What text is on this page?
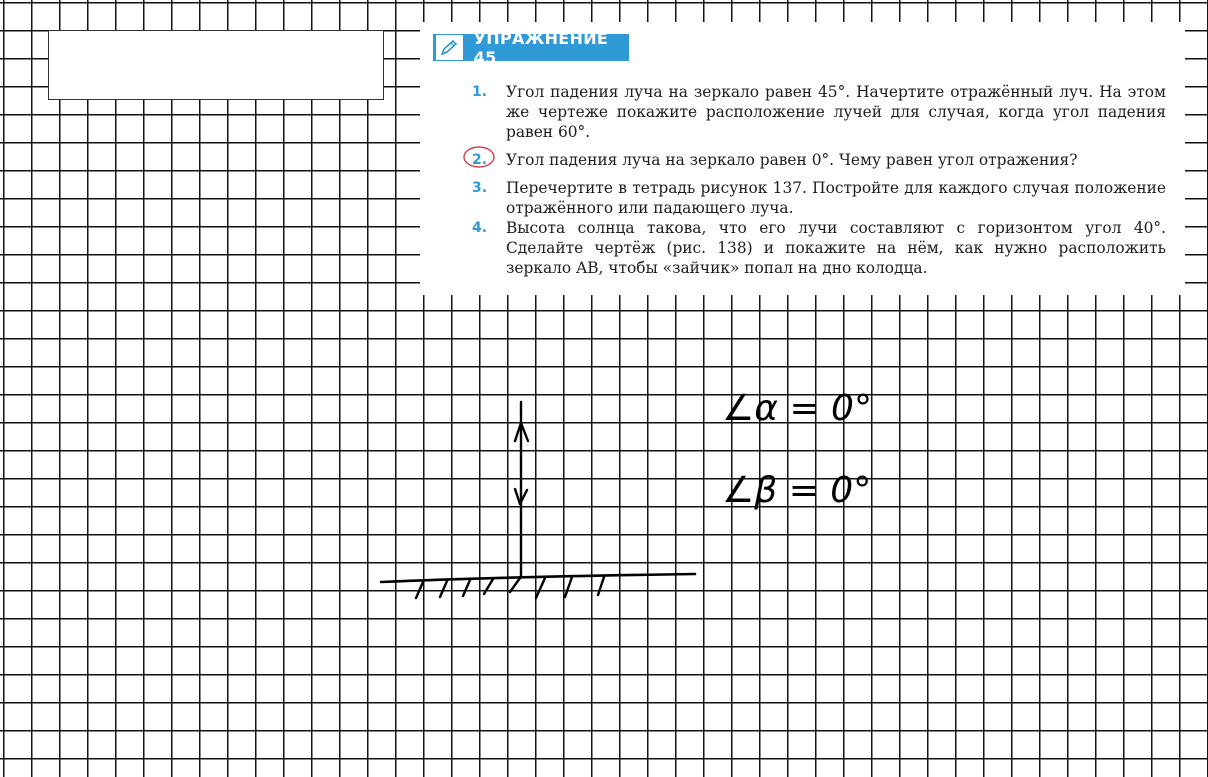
УПРАЖНЕНИЕ 45
1. Угол падения луча на зеркало равен 45°. Начертите отражённый луч. На этом же чертеже покажите расположение лучей для случая, когда угол падения равен 60°.
2. Угол падения луча на зеркало равен 0°. Чему равен угол отражения?
3. Перечертите в тетрадь рисунок 137. Постройте для каждого случая положение отражённого или падающего луча.
4. Высота солнца такова, что его лучи составляют с горизонтом угол 40°. Сделайте чертёж (рис. 138) и покажите на нём, как нужно расположить зеркало AB, чтобы «зайчик» попал на дно колодца.
∠α = 0°
∠β = 0°
